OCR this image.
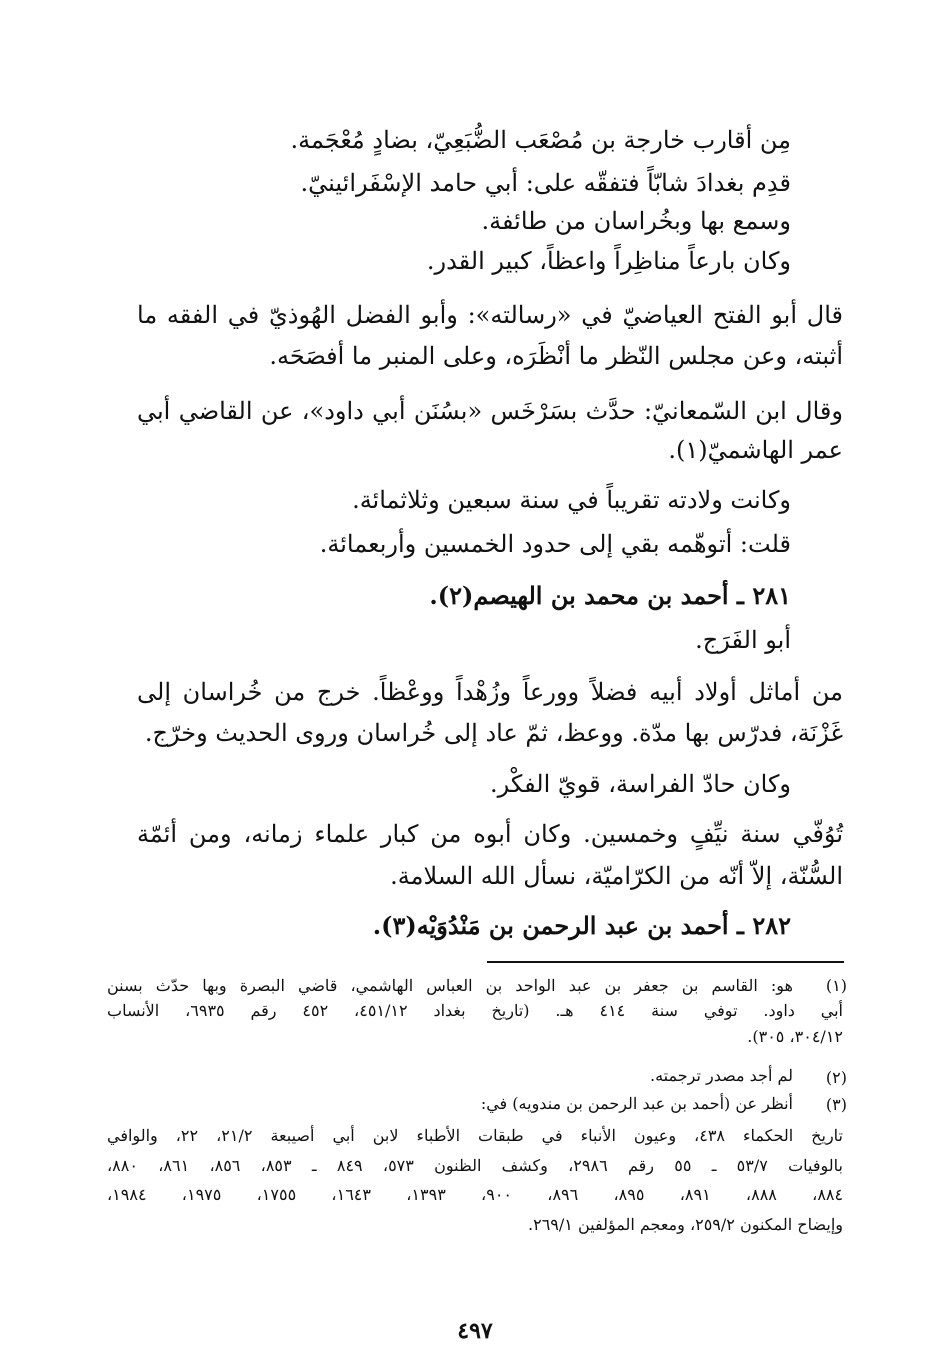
مِن أقارب خارجة بن مُصْعَب الضُّبَعِيّ، بضادٍ مُعْجَمة.

قدِم بغدادَ شابّاً فتفقّه على: أبي حامد الإسْفَرائينيّ.

وسمع بها وبخُراسان من طائفة.

وكان بارعاً مناظِراً واعظاً، كبير القدر.

قال أبو الفتح العياضيّ في «رسالته»: وأبو الفضل الهُوذيّ في الفقه ما

أثبته، وعن مجلس النّظر ما أنْظَرَه، وعلى المنبر ما أفصَحَه.

وقال ابن السّمعانيّ: حدَّث بسَرْخَس «بسُنَن أبي داود»، عن القاضي أبي

عمر الهاشميّ(١).

وكانت ولادته تقريباً في سنة سبعين وثلاثمائة.

قلت: أتوهّمه بقي إلى حدود الخمسين وأربعمائة.

٢٨١ ـ أحمد بن محمد بن الهيصم(٢).

أبو الفَرَج.

من أماثل أولاد أبيه فضلاً وورعاً وزُهْداً ووعْظاً. خرج من خُراسان إلى

غَزْنَة، فدرّس بها مدّة. ووعظ، ثمّ عاد إلى خُراسان وروى الحديث وخرّج.

وكان حادّ الفراسة، قويّ الفكْر.

تُوُفّي سنة نيِّفٍ وخمسين. وكان أبوه من كبار علماء زمانه، ومن أئمّة

السُّنّة، إلاّ أنّه من الكرّاميّة، نسأل الله السلامة.

٢٨٢ ـ أحمد بن عبد الرحمن بن مَنْدُوَيْه(٣).

(١)
(٢)
(٣)

هو: القاسم بن جعفر بن عبد الواحد بن العباس الهاشمي، قاضي البصرة وبها حدّث بسنن

أبي داود. توفي سنة ٤١٤ هـ. (تاريخ بغداد ٤٥١/١٢، ٤٥٢ رقم ٦٩٣٥، الأنساب

٣٠٤/١٢، ٣٠٥).

لم أجد مصدر ترجمته.

أنظر عن (أحمد بن عبد الرحمن بن مندويه) في:

تاريخ الحكماء ٤٣٨، وعيون الأنباء في طبقات الأطباء لابن أبي أصيبعة ٢١/٢، ٢٢، والوافي

بالوفيات ٥٣/٧ ـ ٥٥ رقم ٢٩٨٦، وكشف الظنون ٥٧٣، ٨٤٩ ـ ٨٥٣، ٨٥٦، ٨٦١، ٨٨٠،

٨٨٤، ٨٨٨، ٨٩١، ٨٩٥، ٨٩٦، ٩٠٠، ١٣٩٣، ١٦٤٣، ١٧٥٥، ١٩٧٥، ١٩٨٤،

وإيضاح المكنون ٢٥٩/٢، ومعجم المؤلفين ٢٦٩/١.

٤٩٧
